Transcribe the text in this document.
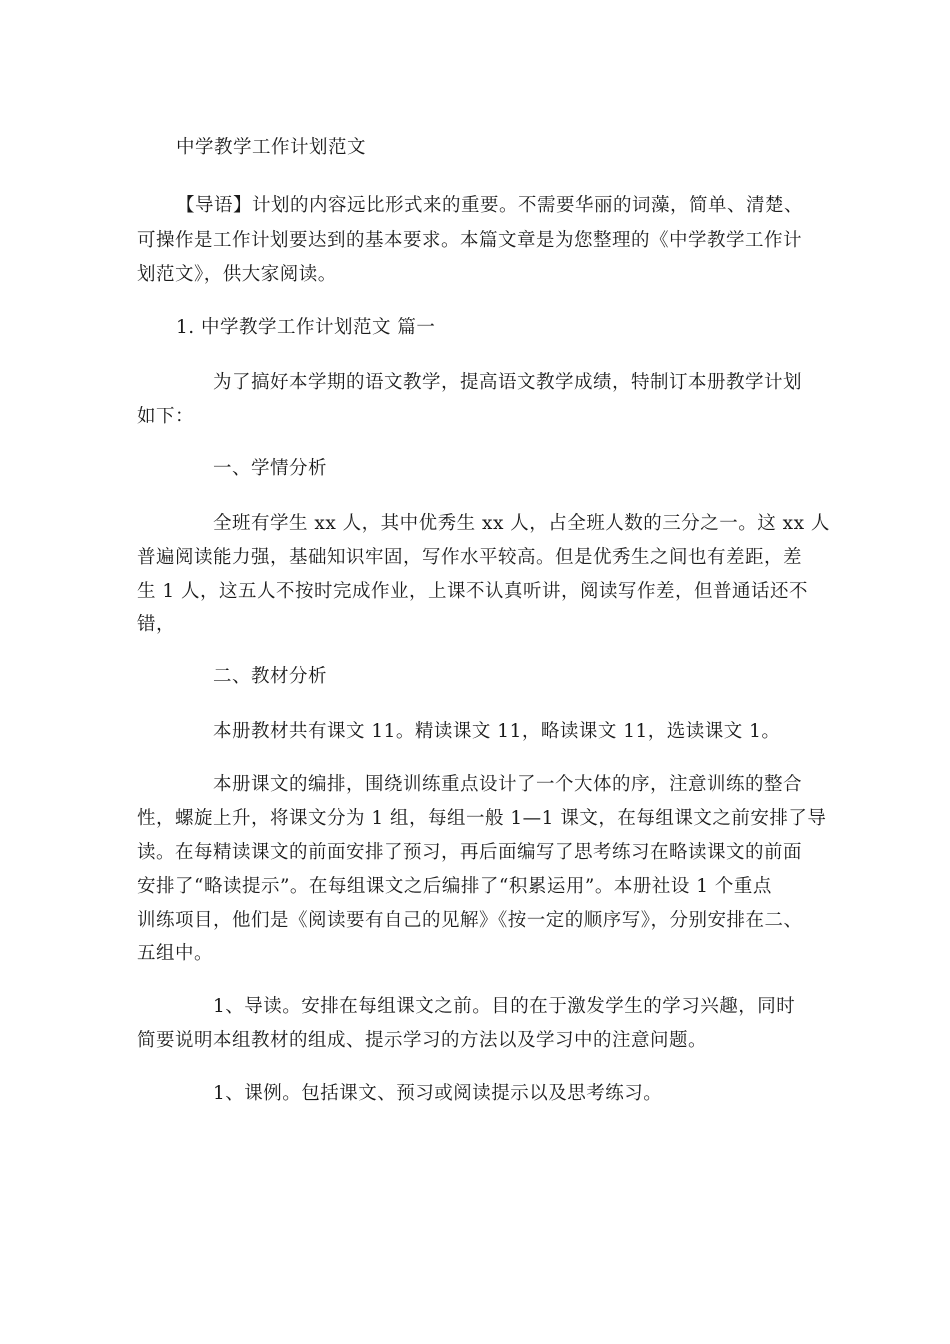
中学教学工作计划范文
【导语】计划的内容远比形式来的重要。不需要华丽的词藻，简单、清楚、
可操作是工作计划要达到的基本要求。本篇文章是为您整理的《中学教学工作计
划范文》，供大家阅读。
1. 中学教学工作计划范文 篇一
为了搞好本学期的语文教学，提高语文教学成绩，特制订本册教学计划
如下：
一、学情分析
全班有学生 xx 人，其中优秀生 xx 人，占全班人数的三分之一。这 xx 人
普遍阅读能力强，基础知识牢固，写作水平较高。但是优秀生之间也有差距，差
生 1 人，这五人不按时完成作业，上课不认真听讲，阅读写作差，但普通话还不
错，
二、教材分析
本册教材共有课文 11。精读课文 11，略读课文 11，选读课文 1。
本册课文的编排，围绕训练重点设计了一个大体的序，注意训练的整合
性，螺旋上升，将课文分为 1 组，每组一般 1—1 课文，在每组课文之前安排了导
读。在每精读课文的前面安排了预习，再后面编写了思考练习在略读课文的前面
安排了“略读提示”。在每组课文之后编排了“积累运用”。本册社设 1 个重点
训练项目，他们是《阅读要有自己的见解》《按一定的顺序写》，分别安排在二、
五组中。
1、导读。安排在每组课文之前。目的在于激发学生的学习兴趣，同时
简要说明本组教材的组成、提示学习的方法以及学习中的注意问题。
1、课例。包括课文、预习或阅读提示以及思考练习。
